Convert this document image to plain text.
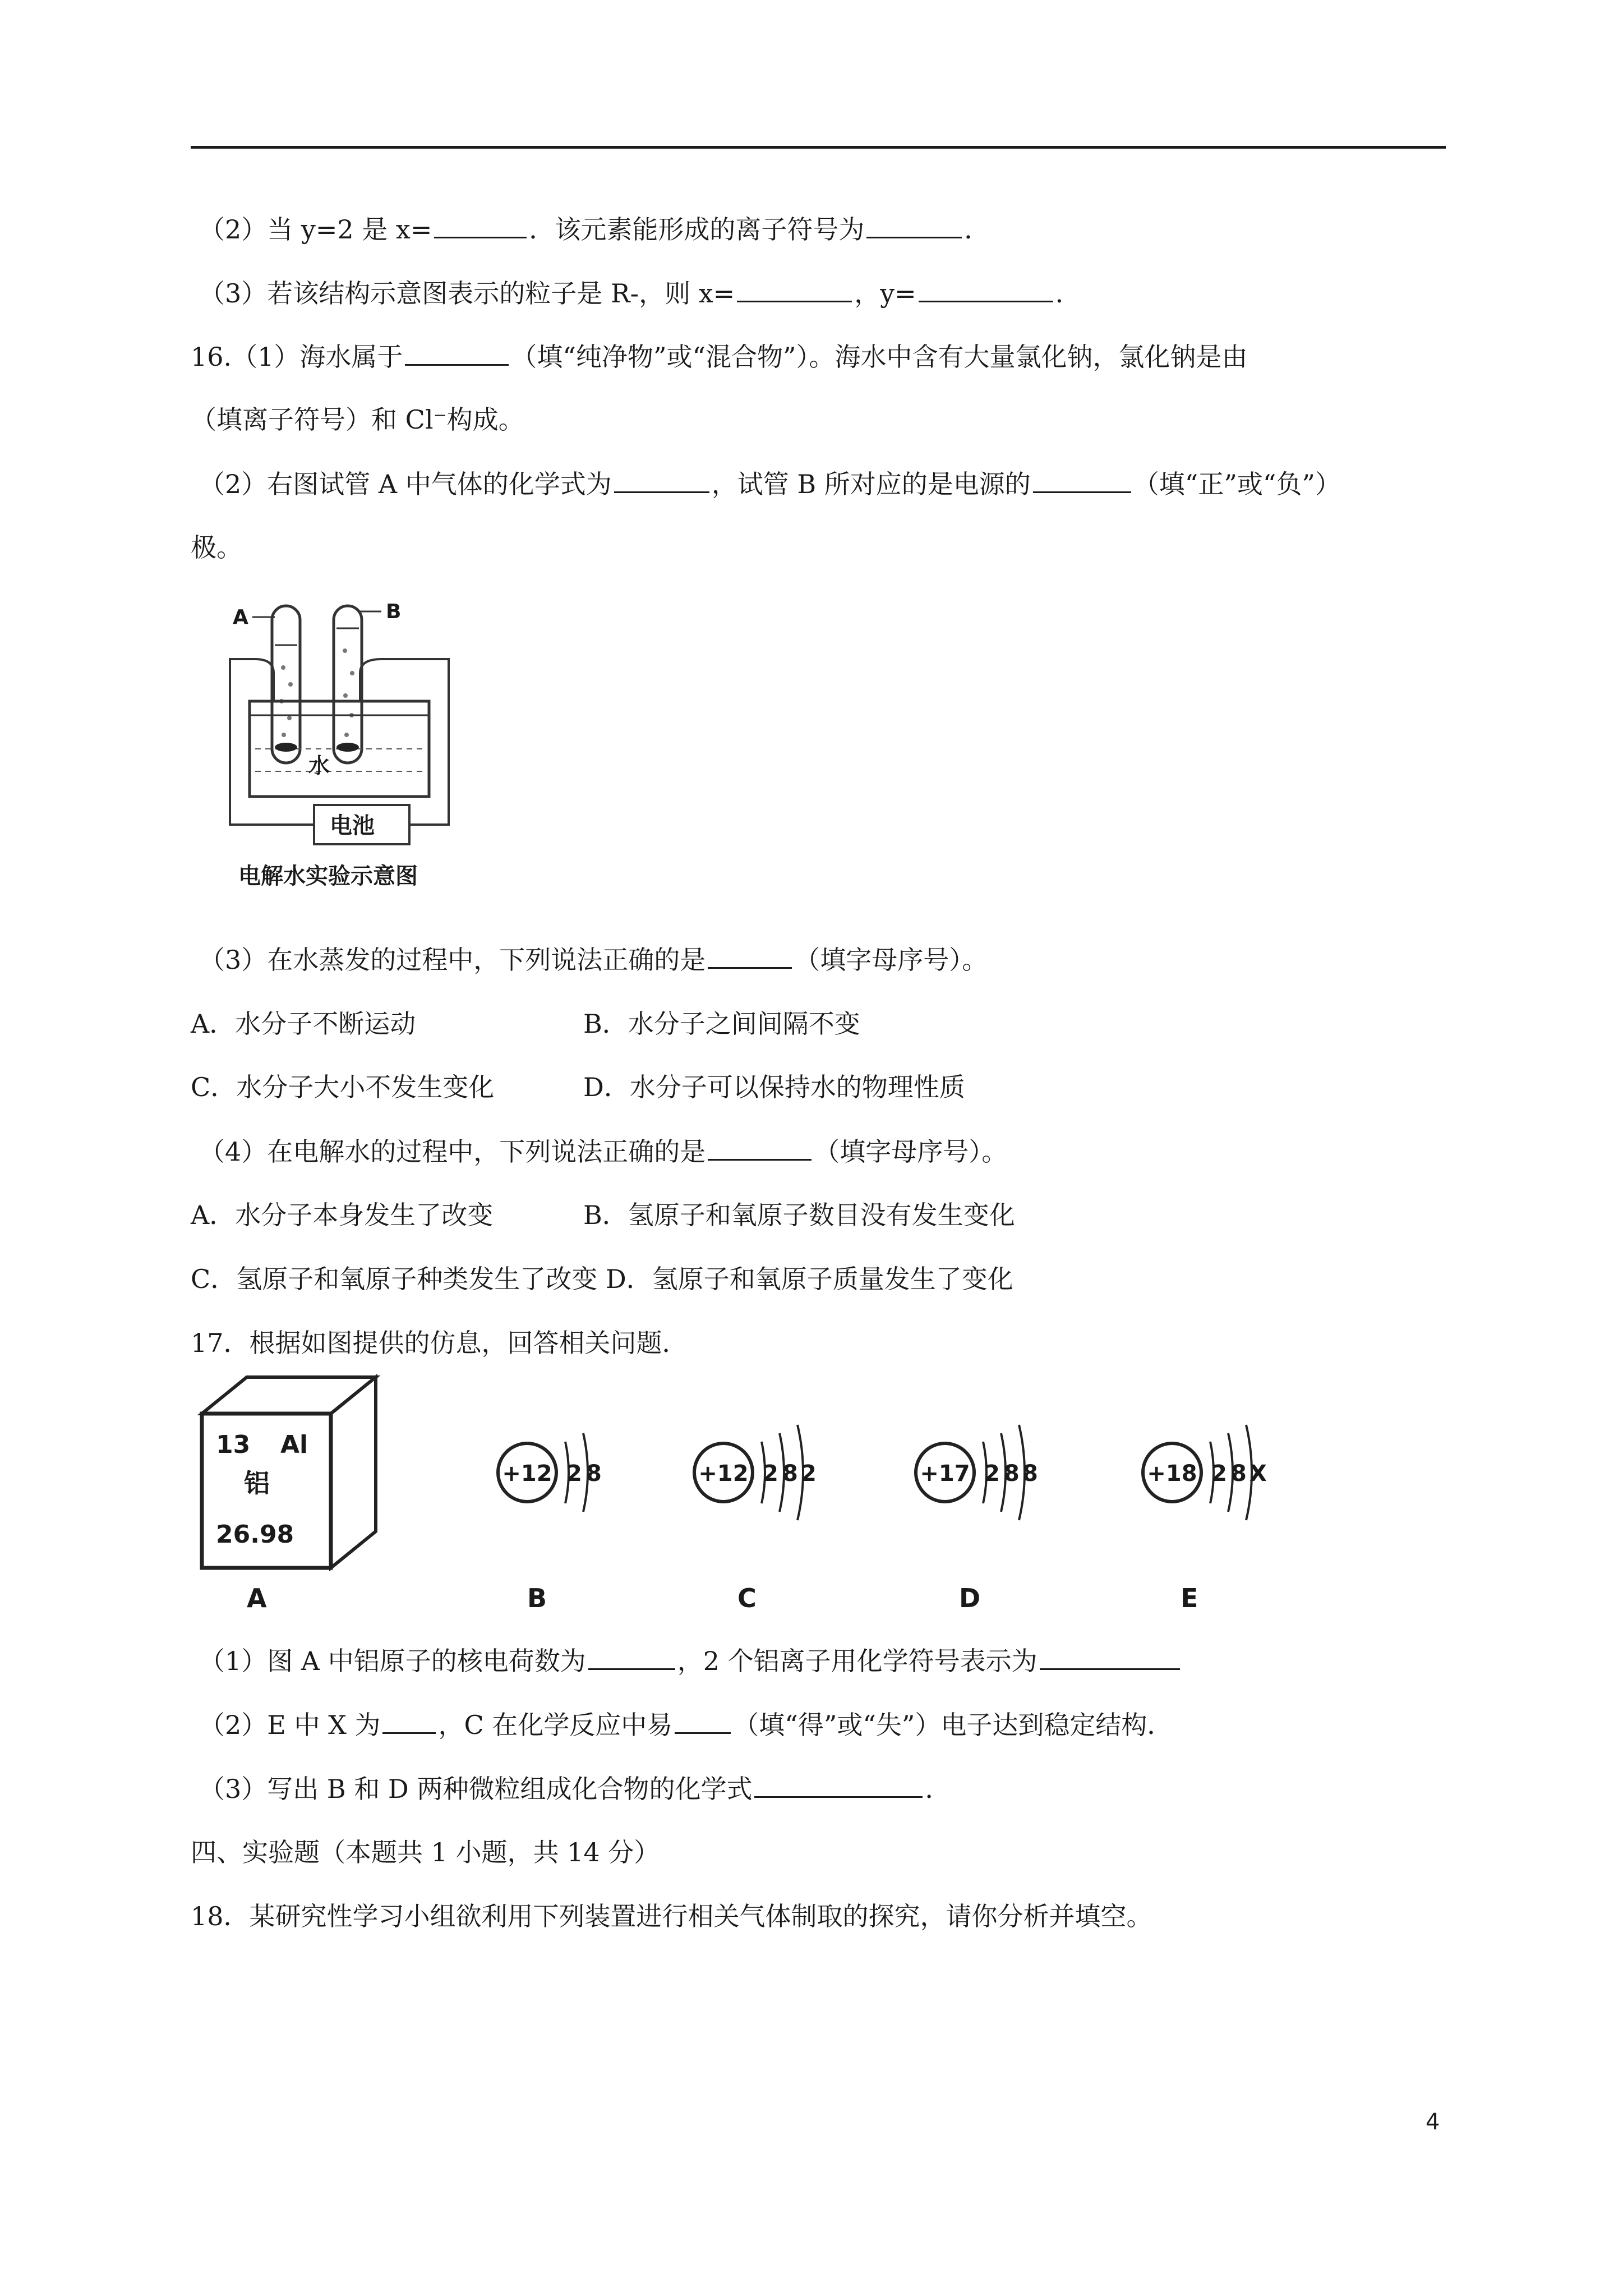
（2）当 y=2 是 x=	．该元素能形成的离子符号为	．
（3）若该结构示意图表示的粒子是 R-，则 x=	，y=	．
16.（1）海水属于	（填“纯净物”或“混合物”）。海水中含有大量氯化钠，氯化钠是由
（填离子符号）和 Cl⁻构成。
（2）右图试管 A 中气体的化学式为	，试管 B 所对应的是电源的	（填“正”或“负”）
极。
A	B
水
电池
电解水实验示意图
（3）在水蒸发的过程中，下列说法正确的是	（填字母序号）。
A．水分子不断运动	B．水分子之间间隔不变
C．水分子大小不发生变化	D．水分子可以保持水的物理性质
（4）在电解水的过程中，下列说法正确的是	（填字母序号）。
A．水分子本身发生了改变	B．氢原子和氧原子数目没有发生变化
C．氢原子和氧原子种类发生了改变 D．氢原子和氧原子质量发生了变化
17．根据如图提供的仿息，回答相关问题．
13 Al
铝
26.98
A
+12 2 8
B
+12 2 8 2
C
+17 2 8 8
D
+18 2 8 X
E
（1）图 A 中铝原子的核电荷数为	，2 个铝离子用化学符号表示为
（2）E 中 X 为 ，C 在化学反应中易 （填“得”或“失”）电子达到稳定结构．
（3）写出 B 和 D 两种微粒组成化合物的化学式	．
四、实验题（本题共 1 小题，共 14 分）
18．某研究性学习小组欲利用下列装置进行相关气体制取的探究，请你分析并填空。
4
